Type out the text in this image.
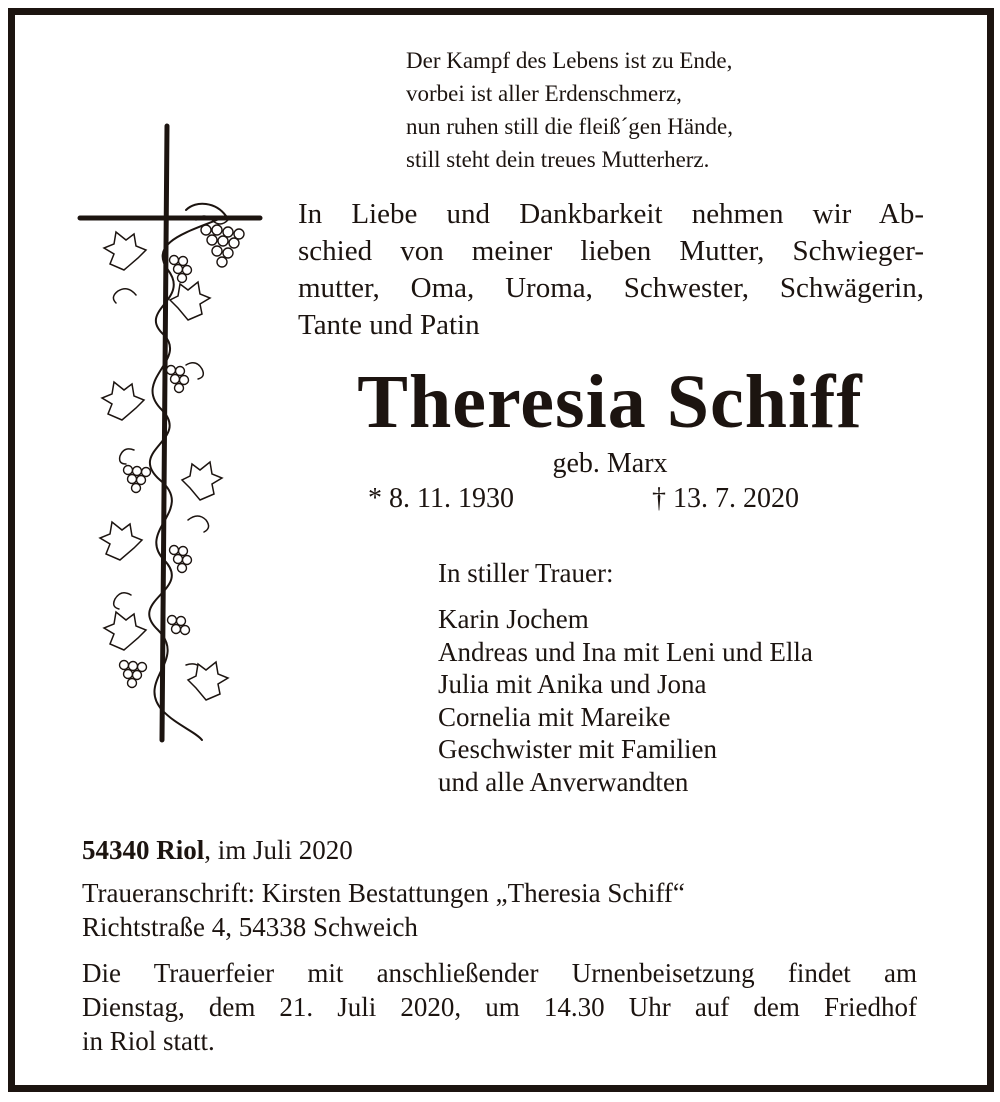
Der Kampf des Lebens ist zu Ende,
vorbei ist aller Erdenschmerz,
nun ruhen still die fleiß´gen Hände,
still steht dein treues Mutterherz.
In Liebe und Dankbarkeit nehmen wir Ab-
schied von meiner lieben Mutter, Schwieger-
mutter, Oma, Uroma, Schwester, Schwägerin,
Tante und Patin
Theresia Schiff
geb. Marx
* 8. 11. 1930	† 13. 7. 2020
In stiller Trauer:
Karin Jochem
Andreas und Ina mit Leni und Ella
Julia mit Anika und Jona
Cornelia mit Mareike
Geschwister mit Familien
und alle Anverwandten
54340 Riol, im Juli 2020
Traueranschrift: Kirsten Bestattungen „Theresia Schiff“
Richtstraße 4, 54338 Schweich
Die Trauerfeier mit anschließender Urnenbeisetzung findet am
Dienstag, dem 21. Juli 2020, um 14.30 Uhr auf dem Friedhof
in Riol statt.
